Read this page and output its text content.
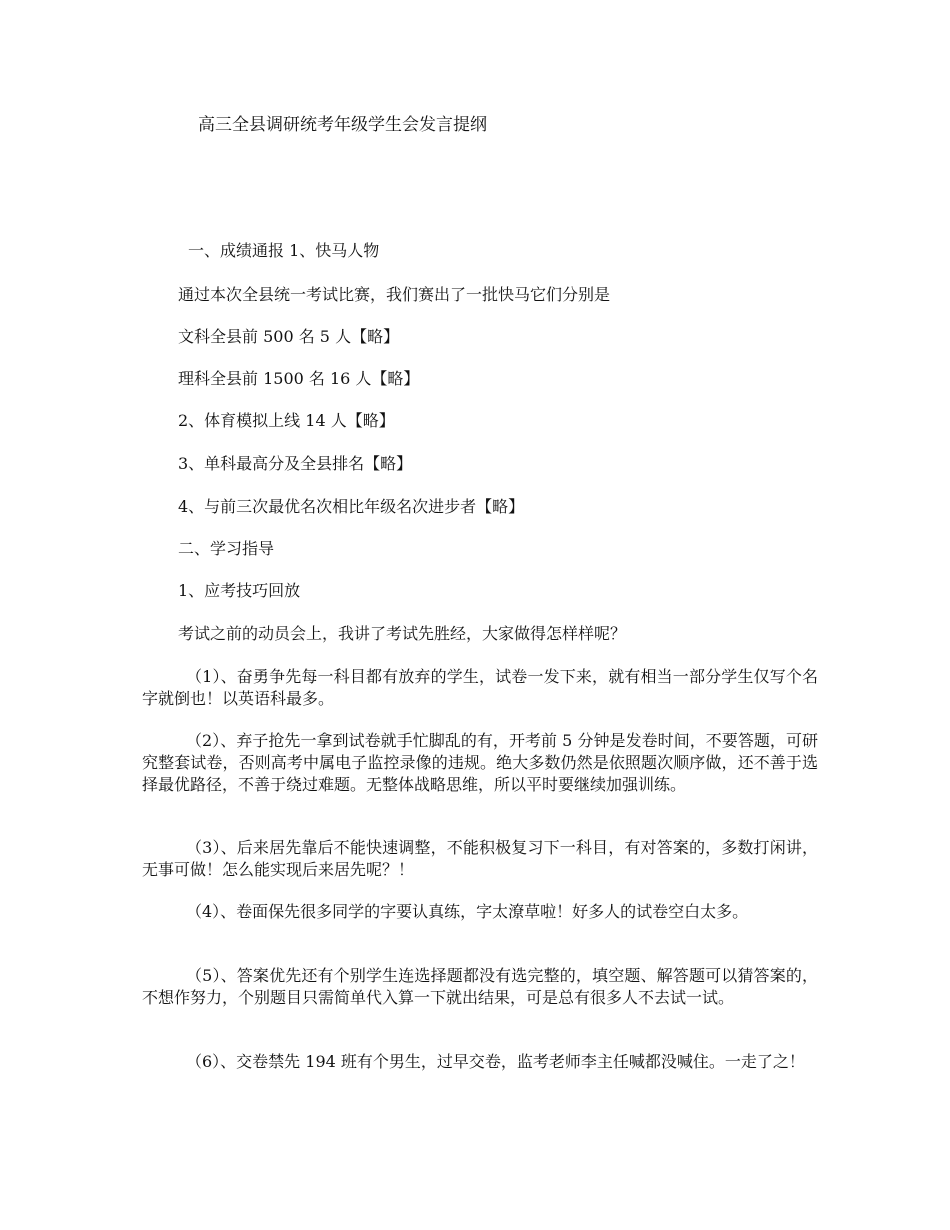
高三全县调研统考年级学生会发言提纲
一、成绩通报 1、快马人物
通过本次全县统一考试比赛，我们赛出了一批快马它们分别是
文科全县前 500 名 5 人【略】
理科全县前 1500 名 16 人【略】
2、体育模拟上线 14 人【略】
3、单科最高分及全县排名【略】
4、与前三次最优名次相比年级名次进步者【略】
二、学习指导
1、应考技巧回放
考试之前的动员会上，我讲了考试先胜经，大家做得怎样样呢？

（1）、奋勇争先每一科目都有放弃的学生，试卷一发下来，就有相当一部分学生仅写个名字就倒也！以英语科最多。

（2）、弃子抢先一拿到试卷就手忙脚乱的有，开考前 5 分钟是发卷时间，不要答题，可研究整套试卷，否则高考中属电子监控录像的违规。绝大多数仍然是依照题次顺序做，还不善于选择最优路径，不善于绕过难题。无整体战略思维，所以平时要继续加强训练。

（3）、后来居先靠后不能快速调整，不能积极复习下一科目，有对答案的，多数打闲讲，无事可做！怎么能实现后来居先呢？！

（4）、卷面保先很多同学的字要认真练，字太潦草啦！好多人的试卷空白太多。

（5）、答案优先还有个别学生连选择题都没有选完整的，填空题、解答题可以猜答案的，不想作努力，个别题目只需简单代入算一下就出结果，可是总有很多人不去试一试。

（6）、交卷禁先 194 班有个男生，过早交卷，监考老师李主任喊都没喊住。一走了之！
